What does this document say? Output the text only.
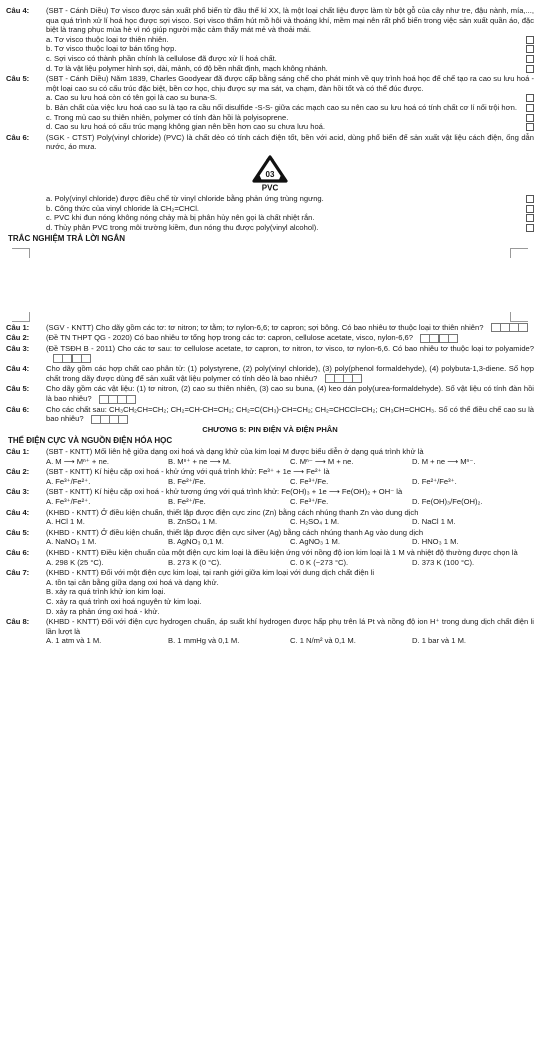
Câu 4:	(SBT - Cánh Diều) Tơ visco được sản xuất phổ biến từ đầu thế kỉ XX, là một loại chất liệu được làm từ bột gỗ của cây như tre, đậu nành, mía,..., qua quá trình xử lí hoá học được sợi visco. Sợi visco thấm hút mồ hôi và thoáng khí, mềm mại nên rất phổ biến trong việc sản xuất quần áo, đặc biệt là trang phục mùa hè vì nó giúp người mặc cảm thấy mát mẻ và thoải mái.
a. Tơ visco thuộc loại tơ thiên nhiên.
b. Tơ visco thuộc loại tơ bán tổng hợp.
c. Sợi visco có thành phần chính là cellulose đã được xử lí hoá chất.
d. Tơ là vật liệu polymer hình sợi, dài, mảnh, có độ bền nhất định, mạch không nhánh.
Câu 5:	(SBT - Cánh Diều) Năm 1839, Charles Goodyear đã được cấp bằng sáng chế cho phát minh về quy trình hoá học để chế tạo ra cao su lưu hoá - một loại cao su có cấu trúc đặc biệt, bền cơ học, chịu được sự ma sát, va chạm, đàn hồi tốt và có thể đúc được.
a. Cao su lưu hoá còn có tên gọi là cao su buna-S.
b. Bản chất của việc lưu hoá cao su là tạo ra cầu nối disulfide -S-S- giữa các mạch cao su nên cao su lưu hoá có tính chất cơ lí nổi trội hơn.
c. Trong mủ cao su thiên nhiên, polymer có tính đàn hồi là polyisoprene.
d. Cao su lưu hoá có cấu trúc mạng không gian nên bền hơn cao su chưa lưu hoá.
Câu 6:	(SGK - CTST) Poly(vinyl chloride) (PVC) là chất dẻo có tính cách điện tốt, bền với acid, dùng phổ biến để sản xuất vật liệu cách điện, ống dẫn nước, áo mưa.
03
PVC
a. Poly(vinyl chloride) được điều chế từ vinyl chloride bằng phản ứng trùng ngưng.
b. Công thức của vinyl chloride là CH₂=CHCl.
c. PVC khi đun nóng không nóng chảy mà bị phân hủy nên gọi là chất nhiệt rắn.
d. Thủy phân PVC trong môi trường kiềm, đun nóng thu được poly(vinyl alcohol).
TRẮC NGHIỆM TRẢ LỜI NGẮN
Câu 1:	(SGV - KNTT) Cho dãy gồm các tơ: tơ nitron; tơ tằm; tơ nylon-6,6; tơ capron; sợi bông. Có bao nhiêu tơ thuộc loại tơ thiên nhiên?
Câu 2:	(Đề TN THPT QG - 2020) Có bao nhiêu tơ tổng hợp trong các tơ: capron, cellulose acetate, visco, nylon-6,6?
Câu 3:	(Đề TSĐH B - 2011) Cho các tơ sau: tơ cellulose acetate, tơ capron, tơ nitron, tơ visco, tơ nylon-6,6. Có bao nhiêu tơ thuộc loại tơ polyamide?
Câu 4:	Cho dãy gồm các hợp chất cao phân tử: (1) polystyrene, (2) poly(vinyl chloride), (3) poly(phenol formaldehyde), (4) polybuta-1,3-diene. Số hợp chất trong dãy được dùng để sản xuất vật liệu polymer có tính dẻo là bao nhiêu?
Câu 5:	Cho dãy gồm các vật liệu: (1) tơ nitron, (2) cao su thiên nhiên, (3) cao su buna, (4) keo dán poly(urea-formaldehyde). Số vật liệu có tính đàn hồi là bao nhiêu?
Câu 6:	Cho các chất sau: CH₃CH₂CH=CH₂; CH₂=CH-CH=CH₂; CH₂=C(CH₃)-CH=CH₂; CH₂=CHCCl=CH₂; CH₃CH=CHCH₃. Số có thể điều chế cao su là bao nhiêu?
CHƯƠNG 5: PIN ĐIỆN VÀ ĐIỆN PHÂN
THẾ ĐIỆN CỰC VÀ NGUỒN ĐIỆN HÓA HỌC
Câu 1:	(SBT - KNTT) Mối liên hệ giữa dạng oxi hoá và dạng khử của kim loại M được biểu diễn ở dạng quá trình khử là
A. M ⟶ Mⁿ⁺ + ne.	B. Mⁿ⁺ + ne ⟶ M.	C. Mⁿ⁻ ⟶ M + ne.	D. M + ne ⟶ Mⁿ⁻.
Câu 2:	(SBT - KNTT) Kí hiệu cặp oxi hoá - khử ứng với quá trình khử: Fe³⁺ + 1e ⟶ Fe²⁺ là
A. Fe³⁺/Fe²⁺.	B. Fe²⁺/Fe.	C. Fe³⁺/Fe.	D. Fe²⁺/Fe³⁺.
Câu 3:	(SBT - KNTT) Kí hiệu cặp oxi hoá - khử tương ứng với quá trình khử: Fe(OH)₃ + 1e ⟶ Fe(OH)₂ + OH⁻ là
A. Fe³⁺/Fe²⁺.	B. Fe²⁺/Fe.	C. Fe³⁺/Fe.	D. Fe(OH)₃/Fe(OH)₂.
Câu 4:	(KHBD - KNTT) Ở điều kiện chuẩn, thiết lập được điện cực zinc (Zn) bằng cách nhúng thanh Zn vào dung dịch
A. HCl 1 M.	B. ZnSO₄ 1 M.	C. H₂SO₄ 1 M.	D. NaCl 1 M.
Câu 5:	(KHBD - KNTT) Ở điều kiện chuẩn, thiết lập được điện cực silver (Ag) bằng cách nhúng thanh Ag vào dung dịch
A. NaNO₃ 1 M.	B. AgNO₃ 0,1 M.	C. AgNO₃ 1 M.	D. HNO₃ 1 M.
Câu 6:	(KHBD - KNTT) Điều kiện chuẩn của một điện cực kim loại là điều kiện ứng với nồng độ ion kim loại là 1 M và nhiệt độ thường được chọn là
A. 298 K (25 °C).	B. 273 K (0 °C).	C. 0 K (−273 °C).	D. 373 K (100 °C).
Câu 7:	(KHBD - KNTT) Đối với một điện cực kim loại, tại ranh giới giữa kim loại với dung dịch chất điện li
A. tồn tại cân bằng giữa dạng oxi hoá và dạng khử.
B. xảy ra quá trình khử ion kim loại.
C. xảy ra quá trình oxi hoá nguyên tử kim loại.
D. xảy ra phản ứng oxi hoá - khử.
Câu 8:	(KHBD - KNTT) Đối với điện cực hydrogen chuẩn, áp suất khí hydrogen được hấp phụ trên lá Pt và nồng độ ion H⁺ trong dung dịch chất điện li lần lượt là
A. 1 atm và 1 M.	B. 1 mmHg và 0,1 M.	C. 1 N/m² và 0,1 M.	D. 1 bar và 1 M.
